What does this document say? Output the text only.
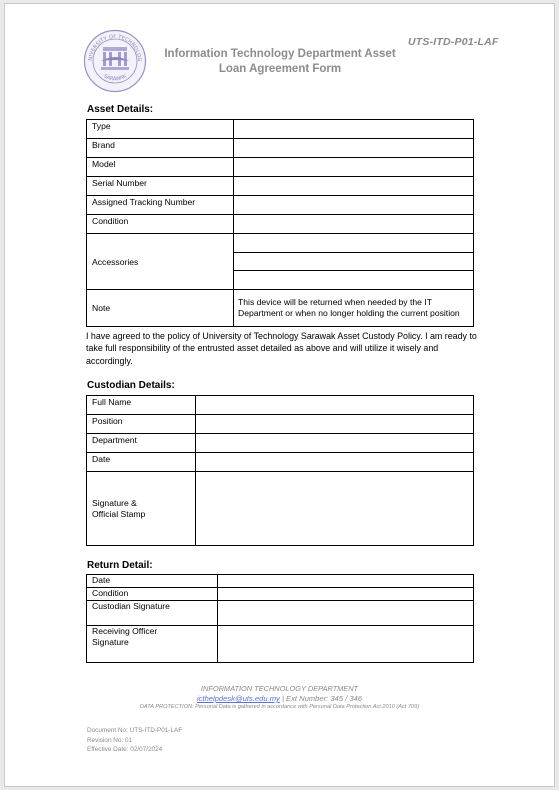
NIVERSITY OF TECHNOLOG
SARAWAK
Information Technology Department Asset
Loan Agreement Form
UTS-ITD-P01-LAF
Asset Details:
Type	
Brand	
Model	
Serial Number	
Assigned Tracking Number	
Condition	
Accessories	

Note	This device will be returned when needed by the IT Department or when no longer holding the current position
I have agreed to the policy of University of Technology Sarawak Asset Custody Policy. I am ready to take full responsibility of the entrusted asset detailed as above and will utilize it wisely and accordingly.
Custodian Details:
Full Name	
Position	
Department	
Date	

Signature &
Official Stamp	

Return Detail:
Date	
Condition	
Custodian Signature	

Receiving Officer
Signature	

INFORMATION TECHNOLOGY DEPARTMENT
icthelpdesk@uts.edu.my | Ext Number: 345 / 346
DATA PROTECTION: Personal Data is gathered in accordance with Personal Data Protection Act 2010 (Act 709)
Document No: UTS-ITD-P01-LAF
Revision No: 01
Effective Date: 02/07/2024
